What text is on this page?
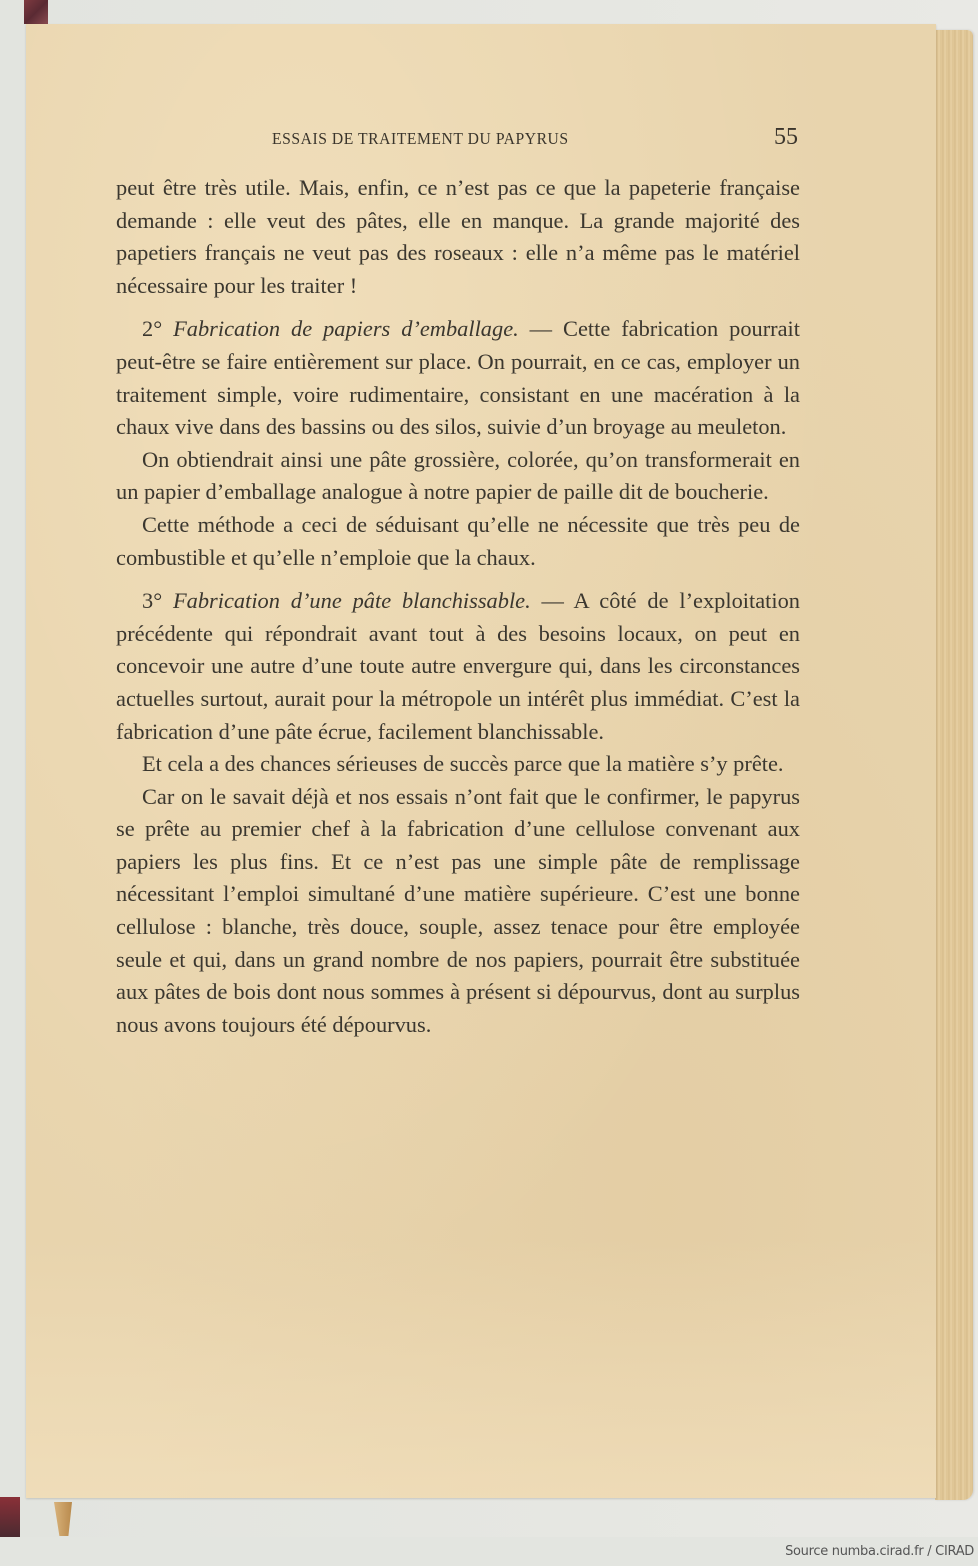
ESSAIS DE TRAITEMENT DU PAPYRUS	55

peut être très utile. Mais, enfin, ce n’est pas ce que la papeterie française demande : elle veut des pâtes, elle en manque. La grande majorité des papetiers français ne veut pas des roseaux : elle n’a même pas le matériel nécessaire pour les traiter !

2° Fabrication de papiers d’emballage. — Cette fabrication pourrait peut-être se faire entièrement sur place. On pourrait, en ce cas, employer un traitement simple, voire rudimentaire, consistant en une macération à la chaux vive dans des bassins ou des silos, suivie d’un broyage au meuleton.

On obtiendrait ainsi une pâte grossière, colorée, qu’on transformerait en un papier d’emballage analogue à notre papier de paille dit de boucherie.

Cette méthode a ceci de séduisant qu’elle ne nécessite que très peu de combustible et qu’elle n’emploie que la chaux.

3° Fabrication d’une pâte blanchissable. — A côté de l’exploitation précédente qui répondrait avant tout à des besoins locaux, on peut en concevoir une autre d’une toute autre envergure qui, dans les circonstances actuelles surtout, aurait pour la métropole un intérêt plus immédiat. C’est la fabrication d’une pâte écrue, facilement blanchissable.

Et cela a des chances sérieuses de succès parce que la matière s’y prête.

Car on le savait déjà et nos essais n’ont fait que le confirmer, le papyrus se prête au premier chef à la fabrication d’une cellulose convenant aux papiers les plus fins. Et ce n’est pas une simple pâte de remplissage nécessitant l’emploi simultané d’une matière supérieure. C’est une bonne cellulose : blanche, très douce, souple, assez tenace pour être employée seule et qui, dans un grand nombre de nos papiers, pourrait être substituée aux pâtes de bois dont nous sommes à présent si dépourvus, dont au surplus nous avons toujours été dépourvus.

Source numba.cirad.fr / CIRAD
